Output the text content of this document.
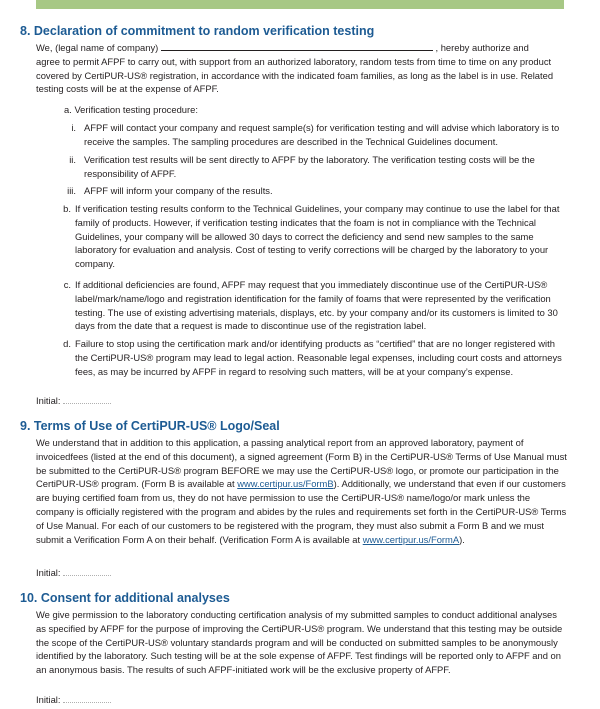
8. Declaration of commitment to random verification testing
We, (legal name of company)	, hereby authorize and
agree to permit AFPF to carry out, with support from an authorized laboratory, random tests from time to time on any product covered by CertiPUR-US® registration, in accordance with the indicated foam families, as long as the label is in use. Related testing costs will be at the expense of AFPF.
a. Verification testing procedure:
i. AFPF will contact your company and request sample(s) for verification testing and will advise which laboratory is to receive the samples. The sampling procedures are described in the Technical Guidelines document.
ii. Verification test results will be sent directly to AFPF by the laboratory. The verification testing costs will be the responsibility of AFPF.
iii. AFPF will inform your company of the results.
b. If verification testing results conform to the Technical Guidelines, your company may continue to use the label for that family of products. However, if verification testing indicates that the foam is not in compliance with the Technical Guidelines, your company will be allowed 30 days to correct the deficiency and send new samples to the same laboratory for evaluation and analysis. Cost of testing to verify corrections will be charged by the laboratory to your company.
c. If additional deficiencies are found, AFPF may request that you immediately discontinue use of the CertiPUR-US® label/mark/name/logo and registration identification for the family of foams that were represented by the verification testing. The use of existing advertising materials, displays, etc. by your company and/or its customers is limited to 30 days from the date that a request is made to discontinue use of the registration label.
d. Failure to stop using the certification mark and/or identifying products as “certified” that are no longer registered with the CertiPUR-US® program may lead to legal action. Reasonable legal expenses, including court costs and attorneys fees, as may be incurred by AFPF in regard to resolving such matters, will be at your company’s expense.
Initial:
9. Terms of Use of CertiPUR-US® Logo/Seal
We understand that in addition to this application, a passing analytical report from an approved laboratory, payment of invoicedfees (listed at the end of this document), a signed agreement (Form B) in the CertiPUR-US® Terms of Use Manual must be submitted to the CertiPUR-US® program BEFORE we may use the CertiPUR-US® logo, or promote our participation in the CertiPUR-US® program. (Form B is available at www.certipur.us/FormB). Additionally, we understand that even if our customers are buying certified foam from us, they do not have permission to use the CertiPUR-US® name/logo/or mark unless the company is officially registered with the program and abides by the rules and requirements set forth in the CertiPUR-US® Terms of Use Manual. For each of our customers to be registered with the program, they must also submit a Form B and we must submit a Verification Form A on their behalf. (Verification Form A is available at www.certipur.us/FormA).
Initial:
10. Consent for additional analyses
We give permission to the laboratory conducting certification analysis of my submitted samples to conduct additional analyses as specified by AFPF for the purpose of improving the CertiPUR-US® program. We understand that this testing may be outside the scope of the CertiPUR-US® voluntary standards program and will be conducted on submitted samples to be anonymously identified by the laboratory. Such testing will be at the sole expense of AFPF. Test findings will be reported only to AFPF and on an anonymous basis. The results of such AFPF-initiated work will be the exclusive property of AFPF.
Initial:
